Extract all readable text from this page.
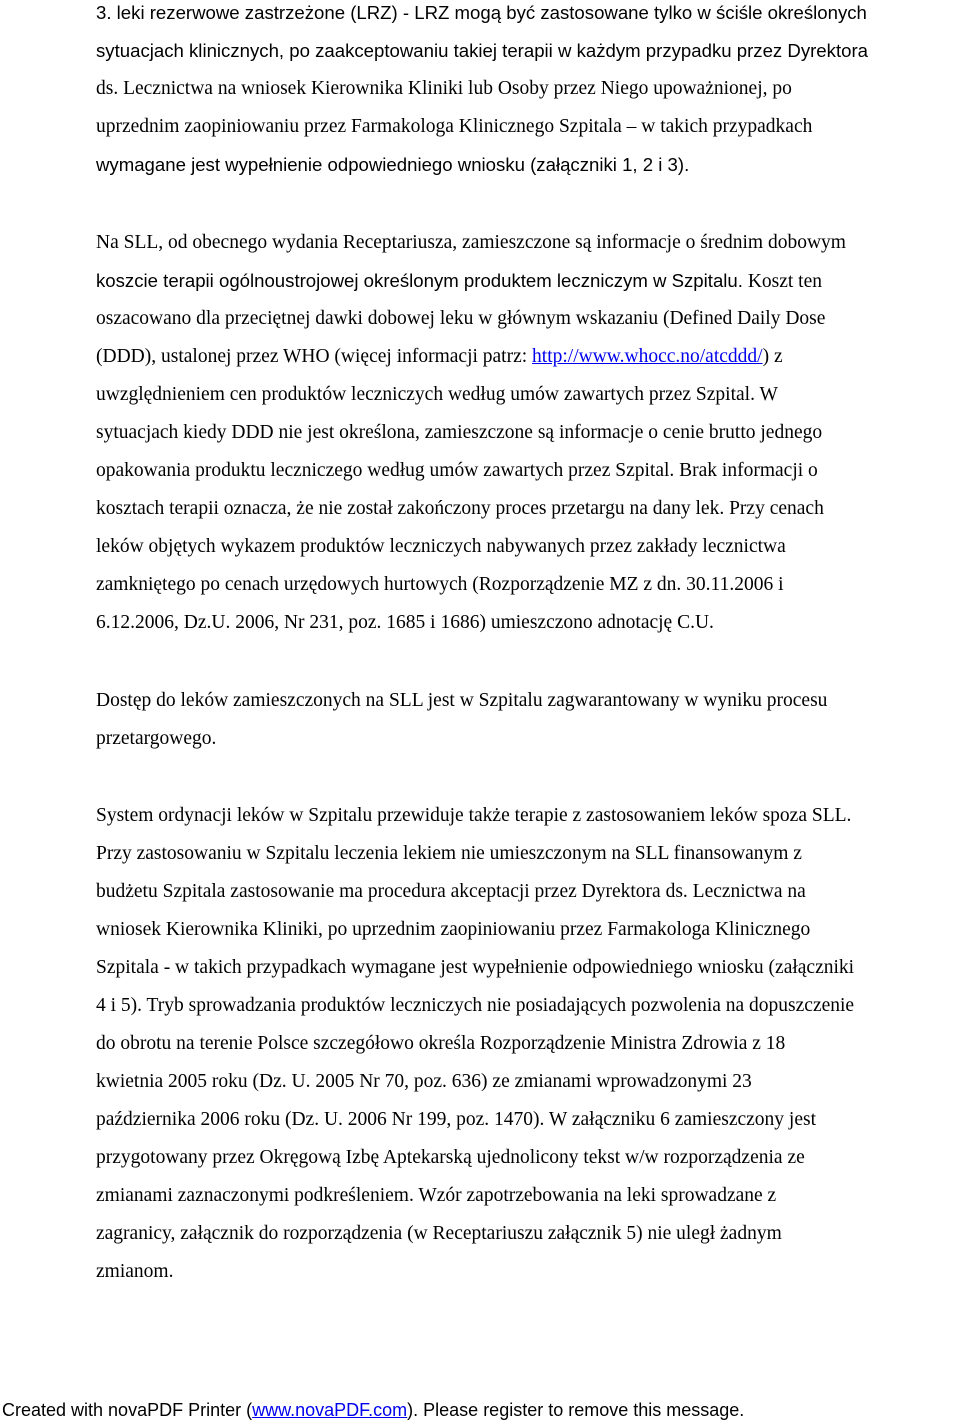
3. leki rezerwowe zastrzeżone (LRZ) - LRZ mogą być zastosowane tylko w ściśle określonych
sytuacjach klinicznych, po zaakceptowaniu takiej terapii w każdym przypadku przez Dyrektora
ds. Lecznictwa na wniosek Kierownika Kliniki lub Osoby przez Niego upoważnionej, po
uprzednim zaopiniowaniu przez Farmakologa Klinicznego Szpitala – w takich przypadkach
wymagane jest wypełnienie odpowiedniego wniosku (załączniki 1, 2 i 3).
Na SLL, od obecnego wydania Receptariusza, zamieszczone są informacje o średnim dobowym
koszcie terapii ogólnoustrojowej określonym produktem leczniczym w Szpitalu. Koszt ten
oszacowano dla przeciętnej dawki dobowej leku w głównym wskazaniu (Defined Daily Dose
(DDD), ustalonej przez WHO (więcej informacji patrz: http://www.whocc.no/atcddd/) z
uwzględnieniem cen produktów leczniczych według umów zawartych przez Szpital. W
sytuacjach kiedy DDD nie jest określona, zamieszczone są informacje o cenie brutto jednego
opakowania produktu leczniczego według umów zawartych przez Szpital. Brak informacji o
kosztach terapii oznacza, że nie został zakończony proces przetargu na dany lek. Przy cenach
leków objętych wykazem produktów leczniczych nabywanych przez zakłady lecznictwa
zamkniętego po cenach urzędowych hurtowych (Rozporządzenie MZ z dn. 30.11.2006 i
6.12.2006, Dz.U. 2006, Nr 231, poz. 1685 i 1686) umieszczono adnotację C.U.
Dostęp do leków zamieszczonych na SLL jest w Szpitalu zagwarantowany w wyniku procesu
przetargowego.
System ordynacji leków w Szpitalu przewiduje także terapie z zastosowaniem leków spoza SLL.
Przy zastosowaniu w Szpitalu leczenia lekiem nie umieszczonym na SLL finansowanym z
budżetu Szpitala zastosowanie ma procedura akceptacji przez Dyrektora ds. Lecznictwa na
wniosek Kierownika Kliniki, po uprzednim zaopiniowaniu przez Farmakologa Klinicznego
Szpitala - w takich przypadkach wymagane jest wypełnienie odpowiedniego wniosku (załączniki
4 i 5). Tryb sprowadzania produktów leczniczych nie posiadających pozwolenia na dopuszczenie
do obrotu na terenie Polsce szczegółowo określa Rozporządzenie Ministra Zdrowia z 18
kwietnia 2005 roku (Dz. U. 2005 Nr 70, poz. 636) ze zmianami wprowadzonymi 23
października 2006 roku (Dz. U. 2006 Nr 199, poz. 1470). W załączniku 6 zamieszczony jest
przygotowany przez Okręgową Izbę Aptekarską ujednolicony tekst w/w rozporządzenia ze
zmianami zaznaczonymi podkreśleniem. Wzór zapotrzebowania na leki sprowadzane z
zagranicy, załącznik do rozporządzenia (w Receptariuszu załącznik 5) nie uległ żadnym
zmianom.
Created with novaPDF Printer (www.novaPDF.com). Please register to remove this message.
